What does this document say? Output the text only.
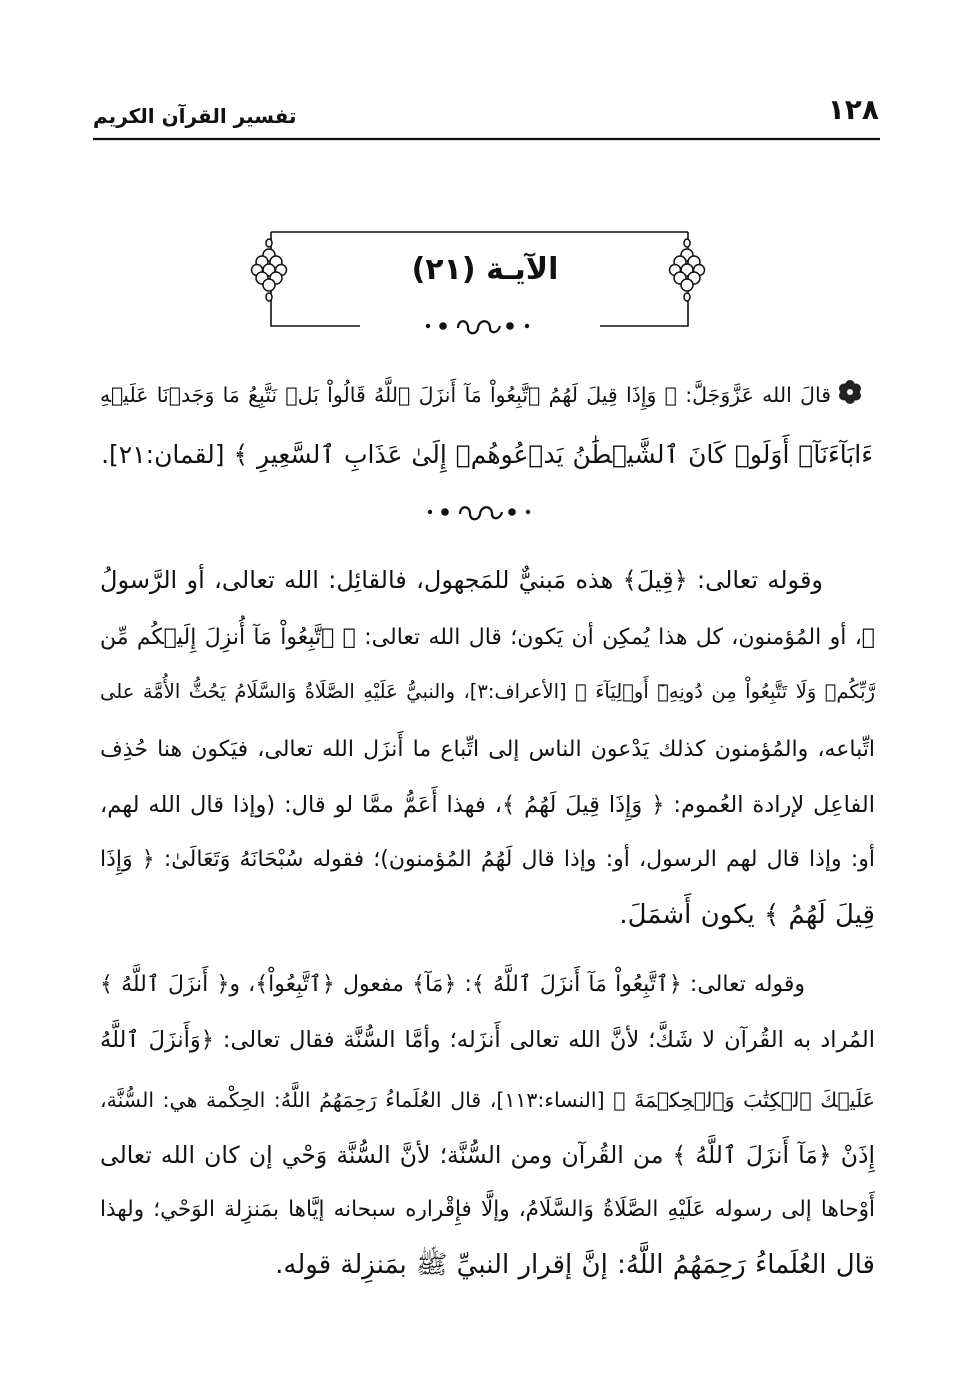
١٢٨
تفسير القرآن الكريم
الآيـة (٢١)
قالَ الله عَزَّوَجَلَّ: ﴿ وَإِذَا قِيلَ لَهُمُ ٱتَّبِعُواْ مَآ أَنزَلَ ٱللَّهُ قَالُواْ بَلۡ نَتَّبِعُ مَا وَجَدۡنَا عَلَيۡهِ
ءَابَآءَنَآۚ أَوَلَوۡ كَانَ ٱلشَّيۡطَٰنُ يَدۡعُوهُمۡ إِلَىٰ عَذَابِ ٱلسَّعِيرِ ﴾ [لقمان:٢١].
وقوله تعالى: ﴿قِيلَ﴾ هذه مَبنيٌّ للمَجهول، فالقائِل: الله تعالى، أو الرَّسولُ
ﷺ، أو المُؤمنون، كل هذا يُمكِن أن يَكون؛ قال الله تعالى: ﴿ ٱتَّبِعُواْ مَآ أُنزِلَ إِلَيۡكُم مِّن
رَّبِّكُمۡ وَلَا تَتَّبِعُواْ مِن دُونِهِۦٓ أَوۡلِيَآءَ ﴾ [الأعراف:٣]، والنبيُّ عَلَيْهِ الصَّلَاةُ وَالسَّلَامُ يَحُثُّ الأُمَّة على
اتِّباعه، والمُؤمنون كذلك يَدْعون الناس إلى اتِّباع ما أَنزَل الله تعالى، فيَكون هنا حُذِف
الفاعِل لإرادة العُموم: ﴿ وَإِذَا قِيلَ لَهُمُ ﴾، فهذا أَعَمُّ ممَّا لو قال: (وإذا قال الله لهم،
أو: وإذا قال لهم الرسول، أو: وإذا قال لَهُمُ المُؤمنون)؛ فقوله سُبْحَانَهُ وَتَعَالَىٰ: ﴿ وَإِذَا
قِيلَ لَهُمُ ﴾ يكون أَشمَلَ.
وقوله تعالى: ﴿ٱتَّبِعُواْ مَآ أَنزَلَ ٱللَّهُ ﴾: ﴿مَآ﴾ مفعول ﴿ٱتَّبِعُواْ﴾، و﴿ أَنزَلَ ٱللَّهُ ﴾
المُراد به القُرآن لا شَكَّ؛ لأنَّ الله تعالى أَنزَله؛ وأمَّا السُّنَّة فقال تعالى: ﴿وَأَنزَلَ ٱللَّهُ
عَلَيۡكَ ٱلۡكِتَٰبَ وَٱلۡحِكۡمَةَ ﴾ [النساء:١١٣]، قال العُلَماءُ رَحِمَهُمُ اللَّهُ: الحِكْمة هي: السُّنَّة،
إِذَنْ ﴿مَآ أَنزَلَ ٱللَّهُ ﴾ من القُرآن ومن السُّنَّة؛ لأنَّ السُّنَّة وَحْي إن كان الله تعالى
أَوْحاها إلى رسوله عَلَيْهِ الصَّلَاةُ وَالسَّلَامُ، وإلَّا فإِقْراره سبحانه إيَّاها بمَنزِلة الوَحْي؛ ولهذا
قال العُلَماءُ رَحِمَهُمُ اللَّهُ: إنَّ إقرار النبيِّ ﷺ بمَنزِلة قوله.
